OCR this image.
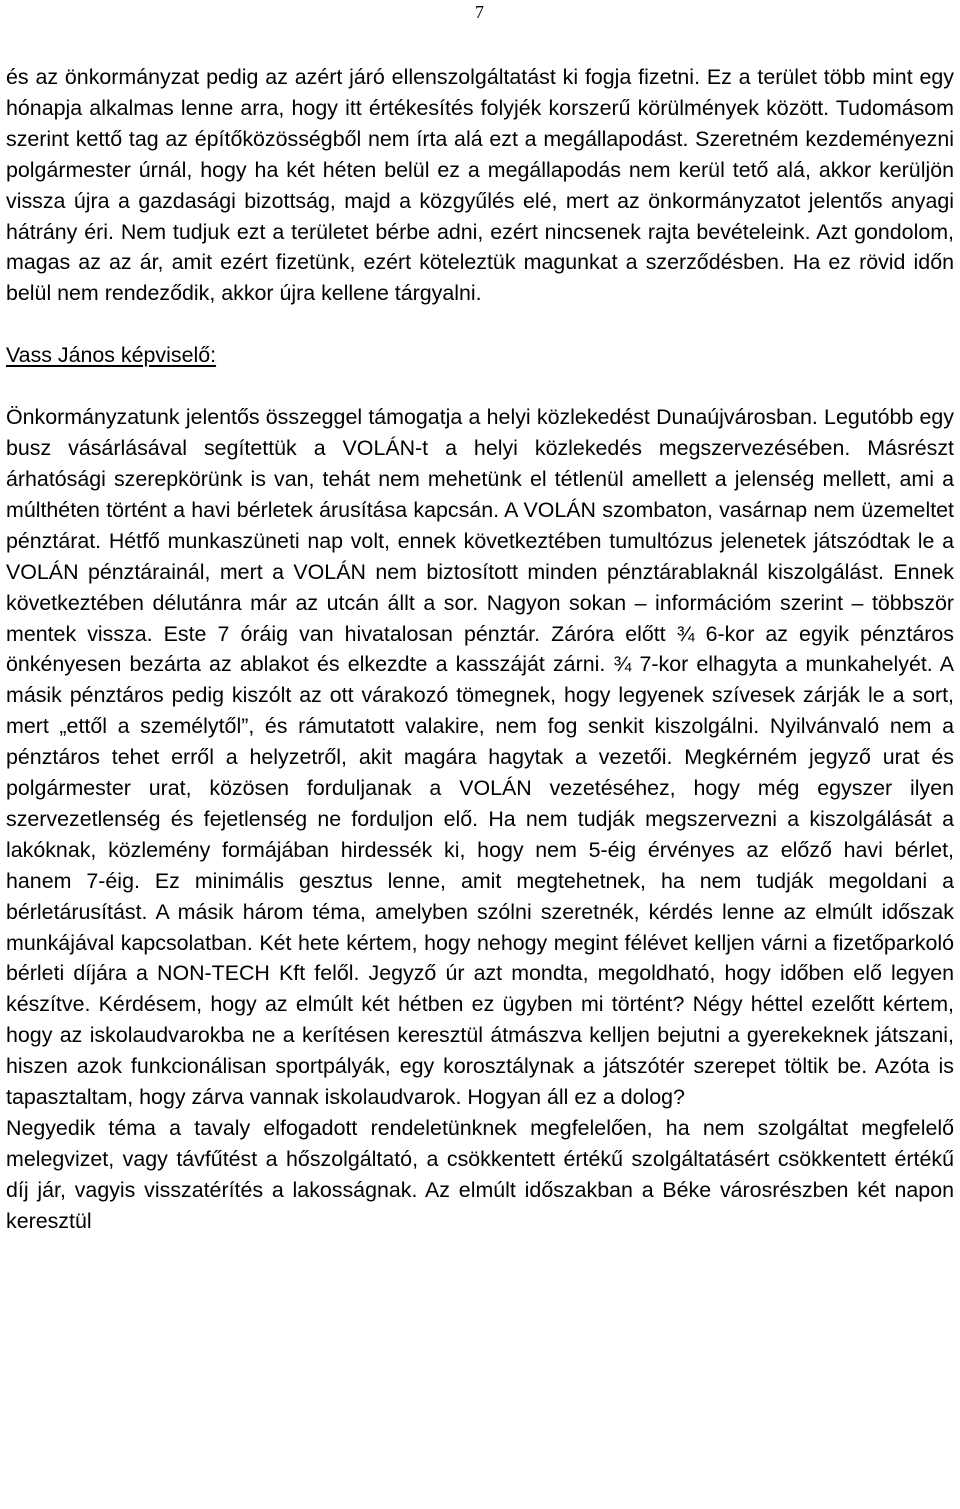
7

és az önkormányzat pedig az azért járó ellenszolgáltatást ki fogja fizetni. Ez a terület több mint egy hónapja alkalmas lenne arra, hogy itt értékesítés folyjék korszerű körülmények között. Tudomásom szerint kettő tag az építőközösségből nem írta alá ezt a megállapodást. Szeretném kezdeményezni polgármester úrnál, hogy ha két héten belül ez a megállapodás nem kerül tető alá, akkor kerüljön vissza újra a gazdasági bizottság, majd a közgyűlés elé, mert az önkormányzatot jelentős anyagi hátrány éri. Nem tudjuk ezt a területet bérbe adni, ezért nincsenek rajta bevételeink. Azt gondolom, magas az az ár, amit ezért fizetünk, ezért köteleztük magunkat a szerződésben. Ha ez rövid időn belül nem rendeződik, akkor újra kellene tárgyalni.

Vass János képviselő:

Önkormányzatunk jelentős összeggel támogatja a helyi közlekedést Dunaújvárosban. Legutóbb egy busz vásárlásával segítettük a VOLÁN-t a helyi közlekedés megszervezésében. Másrészt árhatósági szerepkörünk is van, tehát nem mehetünk el tétlenül amellett a jelenség mellett, ami a múlthéten történt a havi bérletek árusítása kapcsán. A VOLÁN szombaton, vasárnap nem üzemeltet pénztárat. Hétfő munkaszüneti nap volt, ennek következtében tumultózus jelenetek játszódtak le a VOLÁN pénztárainál, mert a VOLÁN nem biztosított minden pénztárablaknál kiszolgálást. Ennek következtében délutánra már az utcán állt a sor. Nagyon sokan – információm szerint – többször mentek vissza. Este 7 óráig van hivatalosan pénztár. Záróra előtt ¾ 6-kor az egyik pénztáros önkényesen bezárta az ablakot és elkezdte a kasszáját zárni. ¾ 7-kor elhagyta a munkahelyét. A másik pénztáros pedig kiszólt az ott várakozó tömegnek, hogy legyenek szívesek zárják le a sort, mert „ettől a személytől”, és rámutatott valakire, nem fog senkit kiszolgálni. Nyilvánvaló nem a pénztáros tehet erről a helyzetről, akit magára hagytak a vezetői. Megkérném jegyző urat és polgármester urat, közösen forduljanak a VOLÁN vezetéséhez, hogy még egyszer ilyen szervezetlenség és fejetlenség ne forduljon elő. Ha nem tudják megszervezni a kiszolgálását a lakóknak, közlemény formájában hirdessék ki, hogy nem 5-éig érvényes az előző havi bérlet, hanem 7-éig. Ez minimális gesztus lenne, amit megtehetnek, ha nem tudják megoldani a bérletárusítást. A másik három téma, amelyben szólni szeretnék, kérdés lenne az elmúlt időszak munkájával kapcsolatban. Két hete kértem, hogy nehogy megint félévet kelljen várni a fizetőparkoló bérleti díjára a NON-TECH Kft felől. Jegyző úr azt mondta, megoldható, hogy időben elő legyen készítve. Kérdésem, hogy az elmúlt két hétben ez ügyben mi történt? Négy héttel ezelőtt kértem, hogy az iskolaudvarokba ne a kerítésen keresztül átmászva kelljen bejutni a gyerekeknek játszani, hiszen azok funkcionálisan sportpályák, egy korosztálynak a játszótér szerepet töltik be. Azóta is tapasztaltam, hogy zárva vannak iskolaudvarok. Hogyan áll ez a dolog?

Negyedik téma a tavaly elfogadott rendeletünknek megfelelően, ha nem szolgáltat megfelelő melegvizet, vagy távfűtést a hőszolgáltató, a csökkentett értékű szolgáltatásért csökkentett értékű díj jár, vagyis visszatérítés a lakosságnak. Az elmúlt időszakban a Béke városrészben két napon keresztül
